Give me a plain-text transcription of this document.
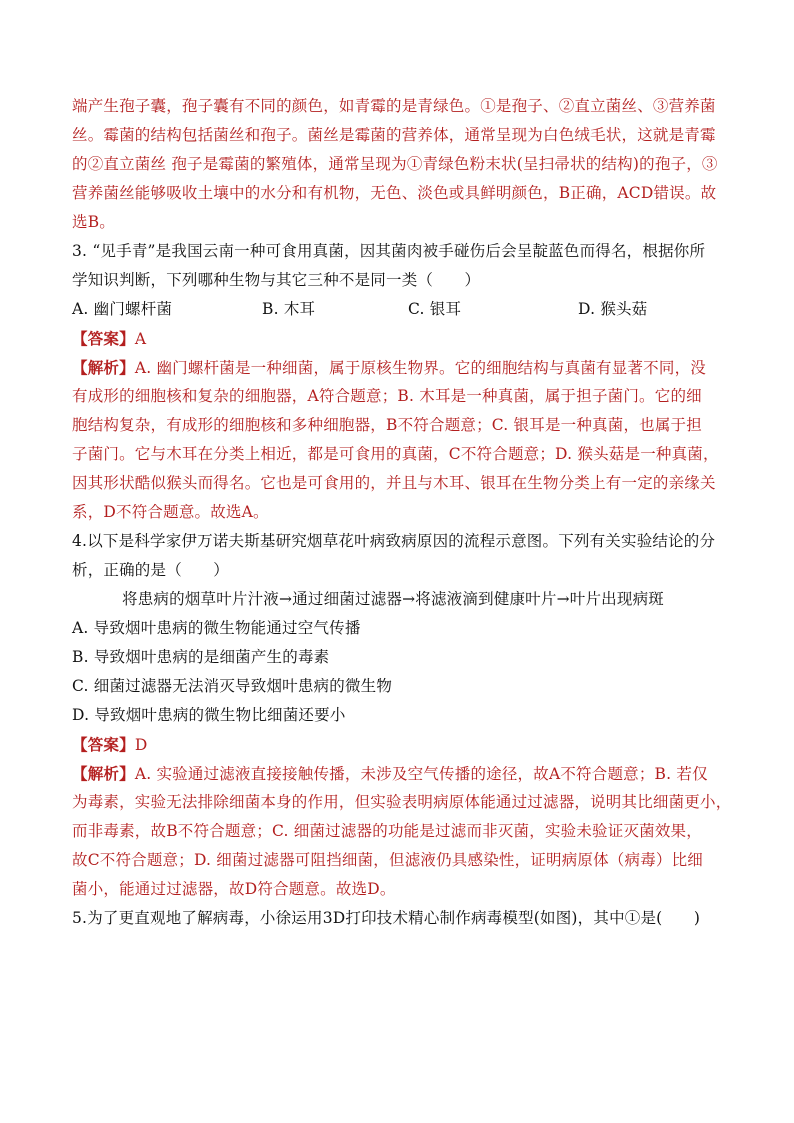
端产生孢子囊，孢子囊有不同的颜色，如青霉的是青绿色。①是孢子、②直立菌丝、③营养菌
丝。霉菌的结构包括菌丝和孢子。菌丝是霉菌的营养体，通常呈现为白色绒毛状，这就是青霉
的②直立菌丝 孢子是霉菌的繁殖体，通常呈现为①青绿色粉末状(呈扫帚状的结构)的孢子，③
营养菌丝能够吸收土壤中的水分和有机物，无色、淡色或具鲜明颜色，B正确，ACD错误。故
选B。
3. “见手青”是我国云南一种可食用真菌，因其菌肉被手碰伤后会呈靛蓝色而得名，根据你所
学知识判断，下列哪种生物与其它三种不是同一类（　　）
A. 幽门螺杆菌	B. 木耳	C. 银耳	D. 猴头菇
【答案】A
【解析】A. 幽门螺杆菌是一种细菌，属于原核生物界。它的细胞结构与真菌有显著不同，没
有成形的细胞核和复杂的细胞器，A符合题意；B. 木耳是一种真菌，属于担子菌门。它的细
胞结构复杂，有成形的细胞核和多种细胞器，B不符合题意；C. 银耳是一种真菌，也属于担
子菌门。它与木耳在分类上相近，都是可食用的真菌，C不符合题意；D. 猴头菇是一种真菌，
因其形状酷似猴头而得名。它也是可食用的，并且与木耳、银耳在生物分类上有一定的亲缘关
系，D不符合题意。故选A。
4.以下是科学家伊万诺夫斯基研究烟草花叶病致病原因的流程示意图。下列有关实验结论的分
析，正确的是（　　）
将患病的烟草叶片汁液→通过细菌过滤器→将滤液滴到健康叶片→叶片出现病斑
A. 导致烟叶患病的微生物能通过空气传播
B. 导致烟叶患病的是细菌产生的毒素
C. 细菌过滤器无法消灭导致烟叶患病的微生物
D. 导致烟叶患病的微生物比细菌还要小
【答案】D
【解析】A. 实验通过滤液直接接触传播，未涉及空气传播的途径，故A不符合题意；B. 若仅
为毒素，实验无法排除细菌本身的作用，但实验表明病原体能通过过滤器，说明其比细菌更小，
而非毒素，故B不符合题意；C. 细菌过滤器的功能是过滤而非灭菌，实验未验证灭菌效果，
故C不符合题意；D. 细菌过滤器可阻挡细菌，但滤液仍具感染性，证明病原体（病毒）比细
菌小，能通过过滤器，故D符合题意。故选D。
5.为了更直观地了解病毒，小徐运用3D打印技术精心制作病毒模型(如图)，其中①是(　　)
